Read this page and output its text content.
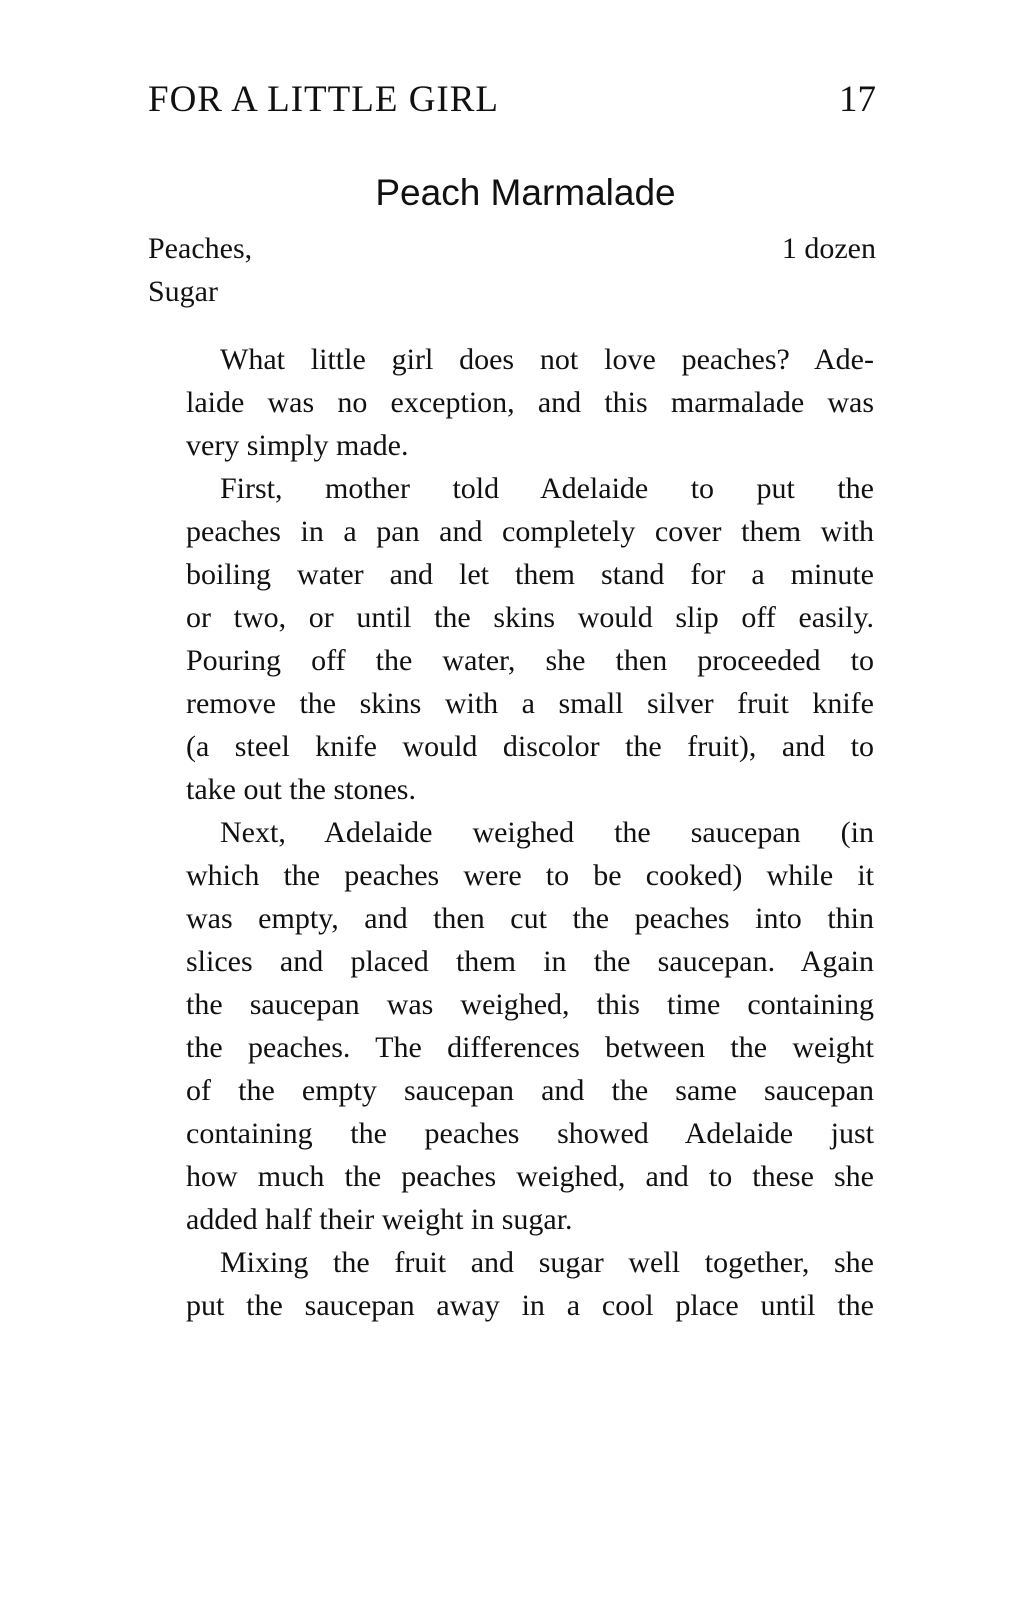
FOR A LITTLE GIRL	17
Peach Marmalade
Peaches,	1 dozen
Sugar

What little girl does not love peaches? Ade-
laide was no exception, and this marmalade was
very simply made.

First, mother told Adelaide to put the
peaches in a pan and completely cover them with
boiling water and let them stand for a minute
or two, or until the skins would slip off easily.
Pouring off the water, she then proceeded to
remove the skins with a small silver fruit knife
(a steel knife would discolor the fruit), and to
take out the stones.

Next, Adelaide weighed the saucepan (in
which the peaches were to be cooked) while it
was empty, and then cut the peaches into thin
slices and placed them in the saucepan. Again
the saucepan was weighed, this time containing
the peaches. The differences between the weight
of the empty saucepan and the same saucepan
containing the peaches showed Adelaide just
how much the peaches weighed, and to these she
added half their weight in sugar.

Mixing the fruit and sugar well together, she
put the saucepan away in a cool place until the
